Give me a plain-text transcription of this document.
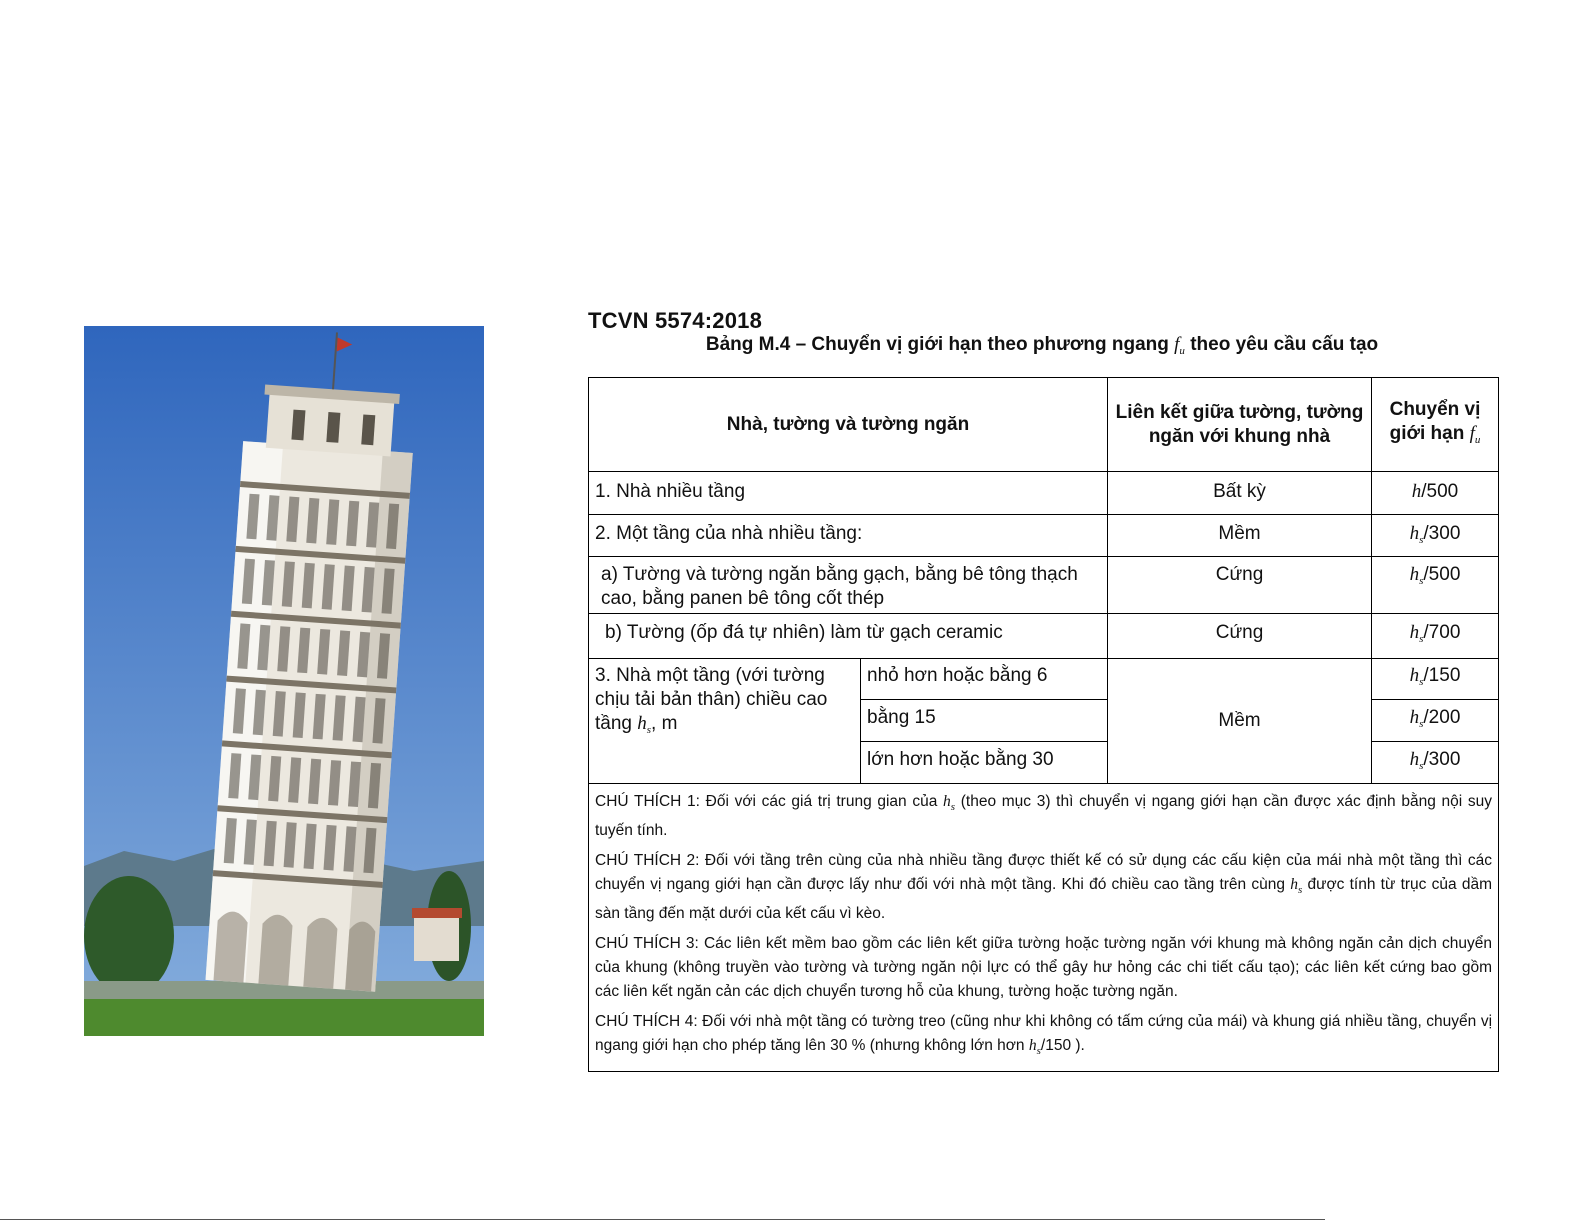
TCVN 5574:2018
Bảng M.4 – Chuyển vị giới hạn theo phương ngang $f_u$ theo yêu cầu cấu tạo
Nhà, tường và tường ngăn		Liên kết giữa tường, tường ngăn với khung nhà	Chuyển vị giới hạn $f_u$
1. Nhà nhiều tầng		Bất kỳ	h/500
2. Một tầng của nhà nhiều tầng:		Mềm	$h_s/300$
a) Tường và tường ngăn bằng gạch, bằng bê tông thạch cao, bằng panen bê tông cốt thép		Cứng	$h_s/500$
b) Tường (ốp đá tự nhiên) làm từ gạch ceramic		Cứng	$h_s/700$
3. Nhà một tầng (với tường chịu tải bản thân) chiều cao tầng $h_s$, m	nhỏ hơn hoặc bằng 6	Mềm	$h_s/150$
	bằng 15		$h_s/200$
	lớn hơn hoặc bằng 30		$h_s/300$

CHÚ THÍCH 1: Đối với các giá trị trung gian của $h_s$ (theo mục 3) thì chuyển vị ngang giới hạn cần được xác định bằng nội suy tuyến tính.

CHÚ THÍCH 2: Đối với tầng trên cùng của nhà nhiều tầng được thiết kế có sử dụng các cấu kiện của mái nhà một tầng thì các chuyển vị ngang giới hạn cần được lấy như đối với nhà một tầng. Khi đó chiều cao tầng trên cùng $h_s$ được tính từ trục của dầm sàn tầng đến mặt dưới của kết cấu vì kèo.

CHÚ THÍCH 3: Các liên kết mềm bao gồm các liên kết giữa tường hoặc tường ngăn với khung mà không ngăn cản dịch chuyển của khung (không truyền vào tường và tường ngăn nội lực có thể gây hư hỏng các chi tiết cấu tạo); các liên kết cứng bao gồm các liên kết ngăn cản các dịch chuyển tương hỗ của khung, tường hoặc tường ngăn.

CHÚ THÍCH 4: Đối với nhà một tầng có tường treo (cũng như khi không có tấm cứng của mái) và khung giá nhiều tầng, chuyển vị ngang giới hạn cho phép tăng lên 30 % (nhưng không lớn hơn $h_s/150$ ).			
